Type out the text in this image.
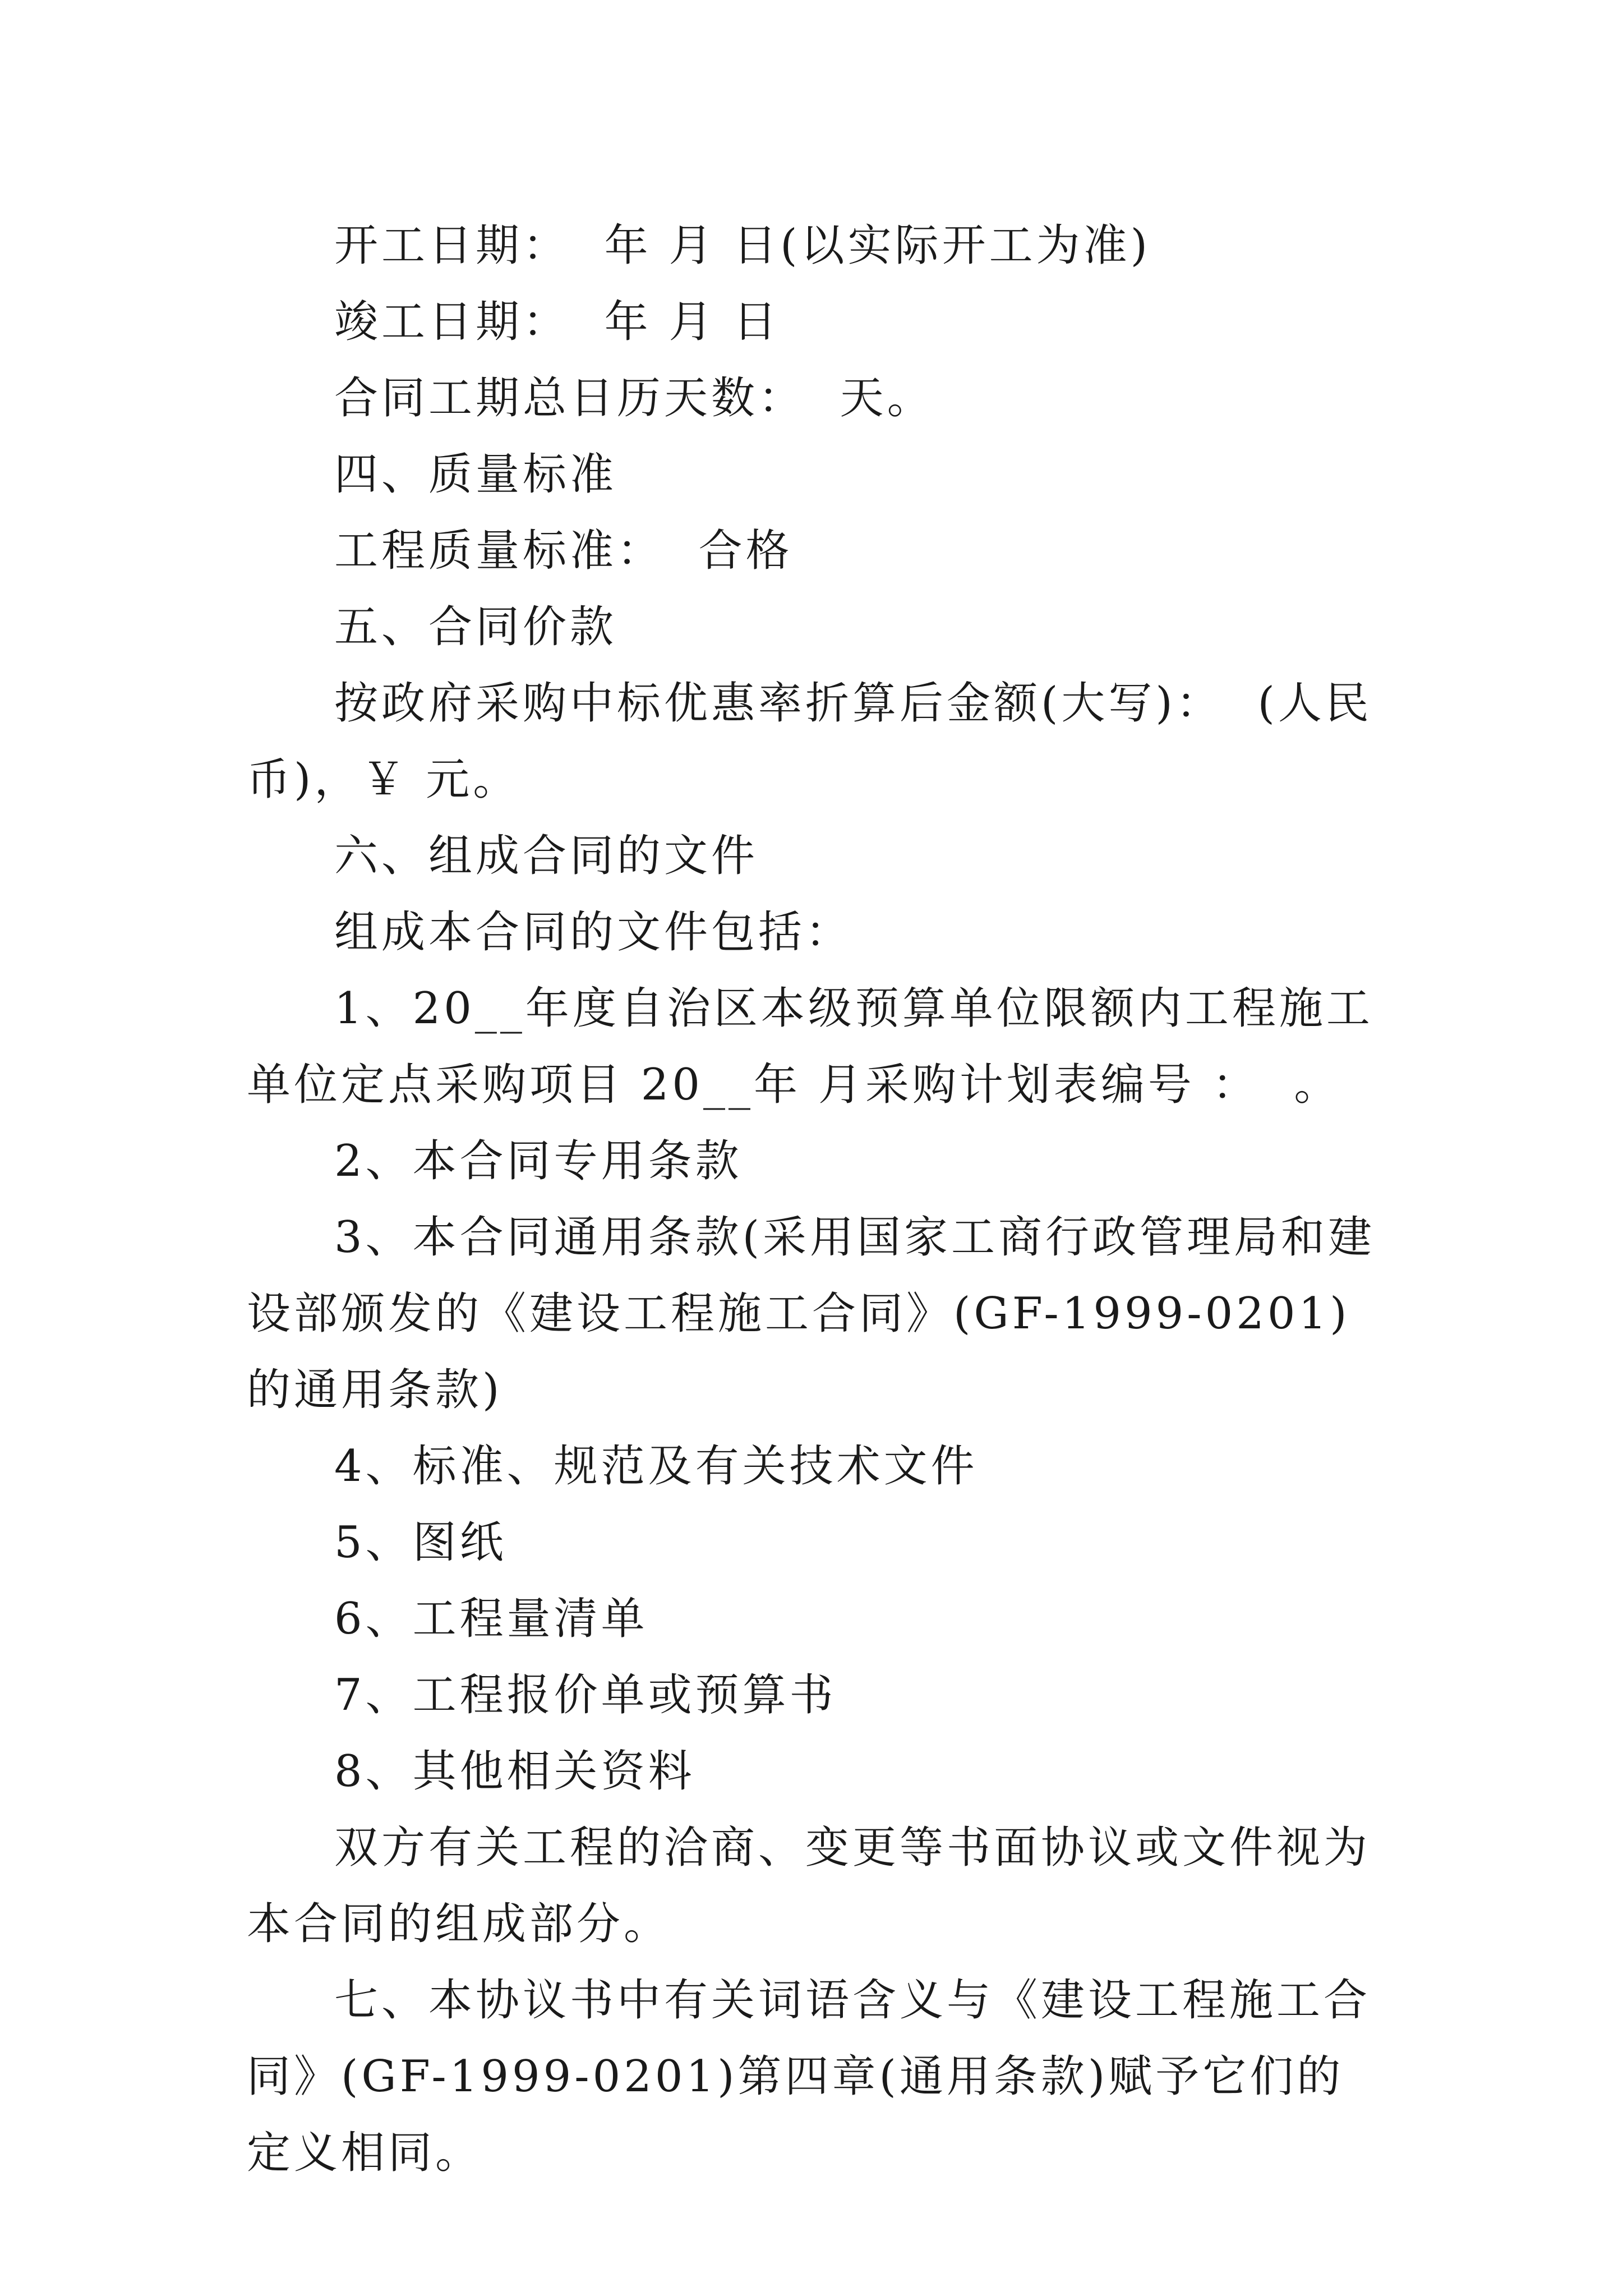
开工日期：  年 月 日(以实际开工为准)

竣工日期：  年 月 日

合同工期总日历天数：  天。

四、质量标准

工程质量标准：  合格

五、合同价款

按政府采购中标优惠率折算后金额(大写)：  (人民币)，￥ 元。

六、组成合同的文件

组成本合同的文件包括：

1、20__年度自治区本级预算单位限额内工程施工单位定点采购项目 20__年 月采购计划表编号 ：  。

2、本合同专用条款

3、本合同通用条款(采用国家工商行政管理局和建设部颁发的《建设工程施工合同》(GF-1999-0201)的通用条款)

4、标准、规范及有关技术文件

5、图纸

6、工程量清单

7、工程报价单或预算书

8、其他相关资料

双方有关工程的洽商、变更等书面协议或文件视为本合同的组成部分。

七、本协议书中有关词语含义与《建设工程施工合同》(GF-1999-0201)第四章(通用条款)赋予它们的定义相同。
